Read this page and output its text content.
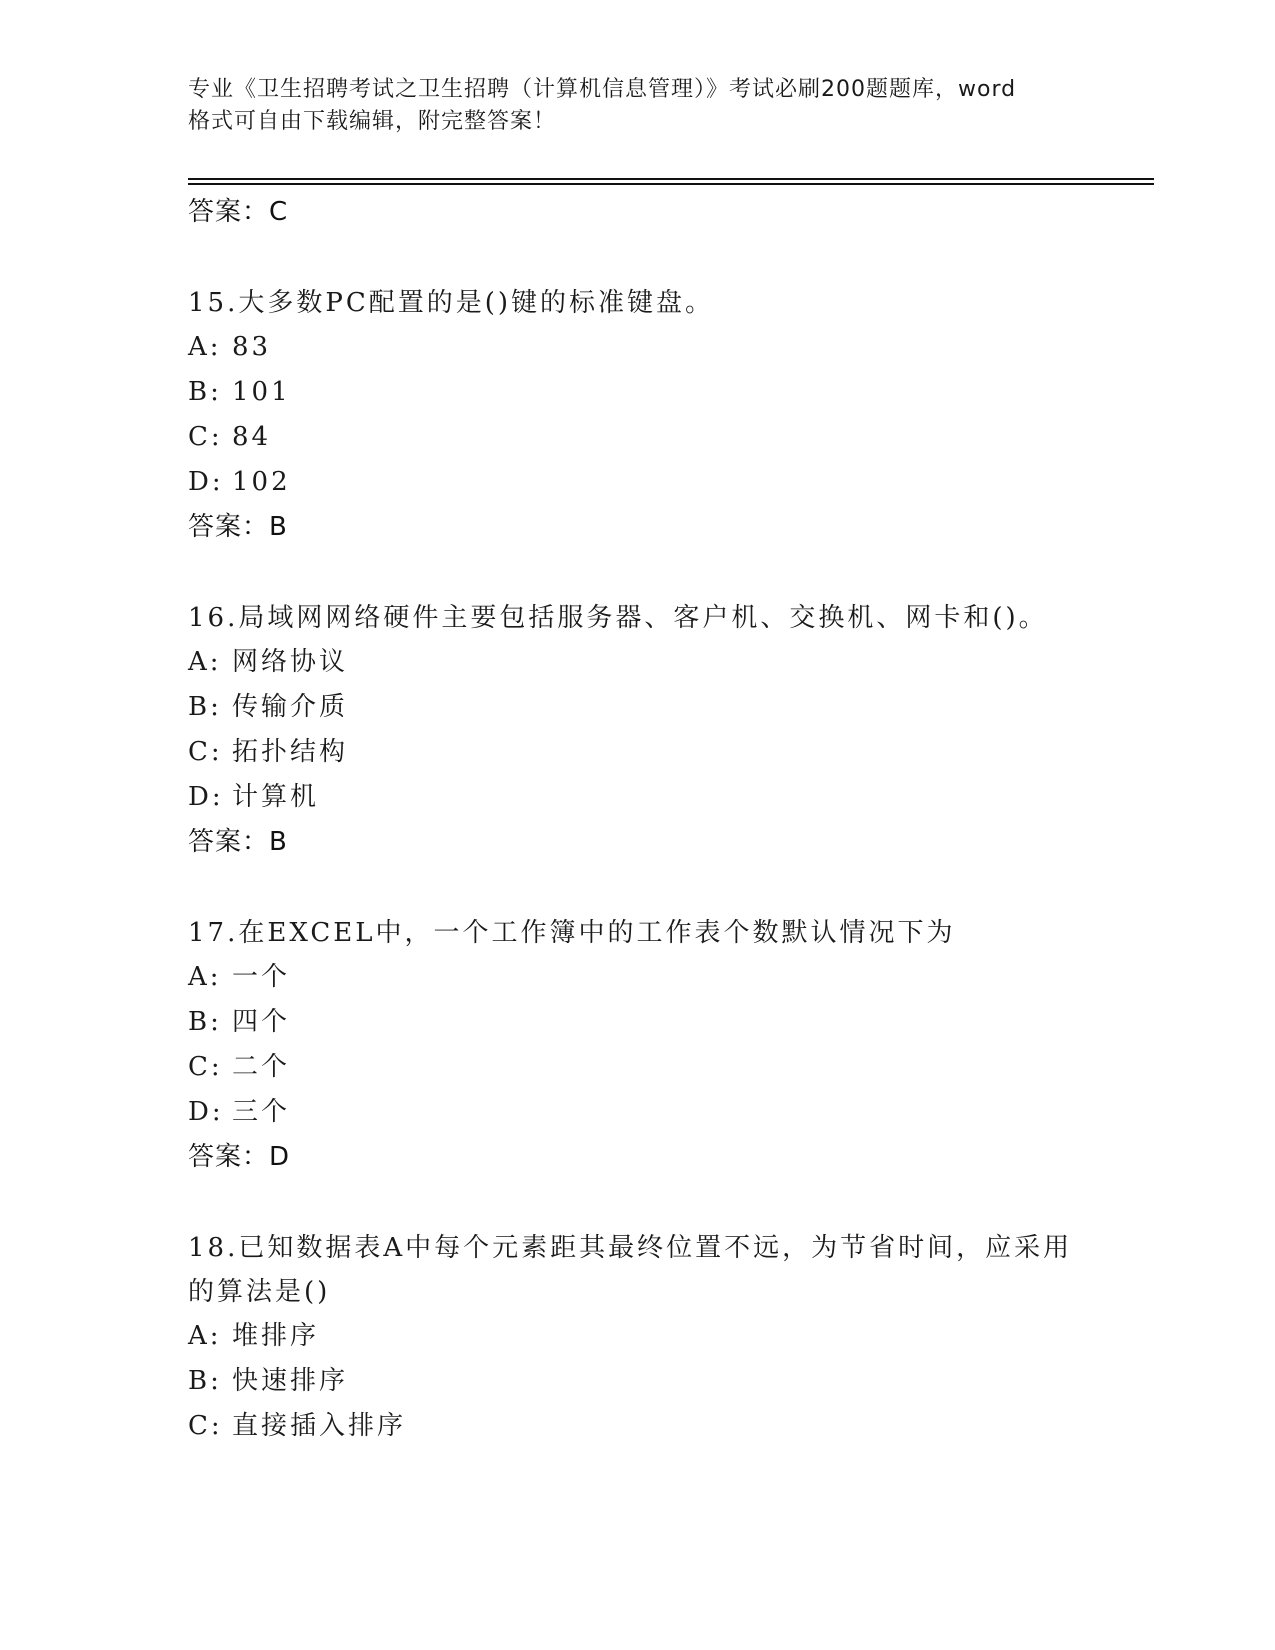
专业《卫生招聘考试之卫生招聘（计算机信息管理）》考试必刷200题题库，word
格式可自由下载编辑，附完整答案！
答案：C
15.大多数PC配置的是()键的标准键盘。
A: 83
B: 101
C: 84
D: 102
答案：B
16.局域网网络硬件主要包括服务器、客户机、交换机、网卡和()。
A: 网络协议
B: 传输介质
C: 拓扑结构
D: 计算机
答案：B
17.在EXCEL中，一个工作簿中的工作表个数默认情况下为
A: 一个
B: 四个
C: 二个
D: 三个
答案：D
18.已知数据表A中每个元素距其最终位置不远，为节省时间，应采用的算法是()
A: 堆排序
B: 快速排序
C: 直接插入排序
